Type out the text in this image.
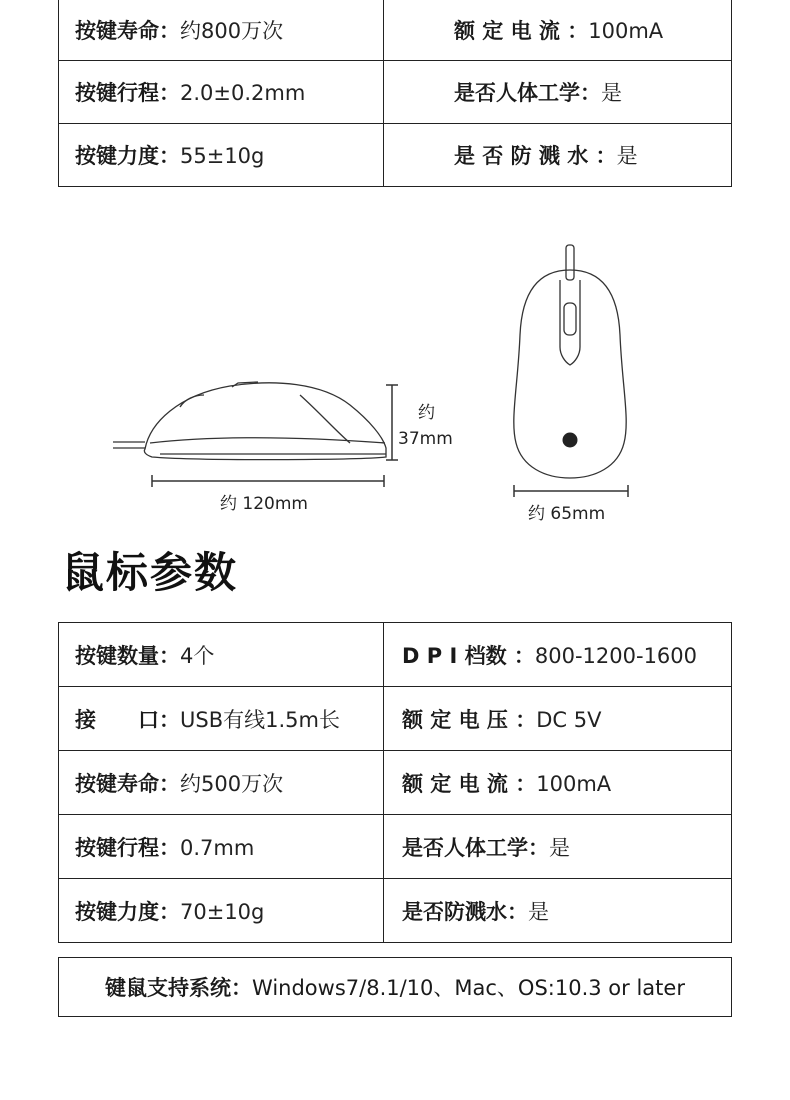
按键寿命：约800万次	额 定 电 流 ：100mA
按键行程：2.0±0.2mm	是否人体工学：是
按键力度：55±10g	是 否 防 溅 水 ：是
约
37mm
约 120mm	约 65mm
鼠标参数
按键数量：4个	D P I 档数 ：800-1200-1600
接　　口：USB有线1.5m长	额 定 电 压 ：DC 5V
按键寿命：约500万次	额 定 电 流 ：100mA
按键行程：0.7mm	是否人体工学：是
按键力度：70±10g	是否防溅水：是
键鼠支持系统： Windows7/8.1/10、Mac、OS:10.3 or later
